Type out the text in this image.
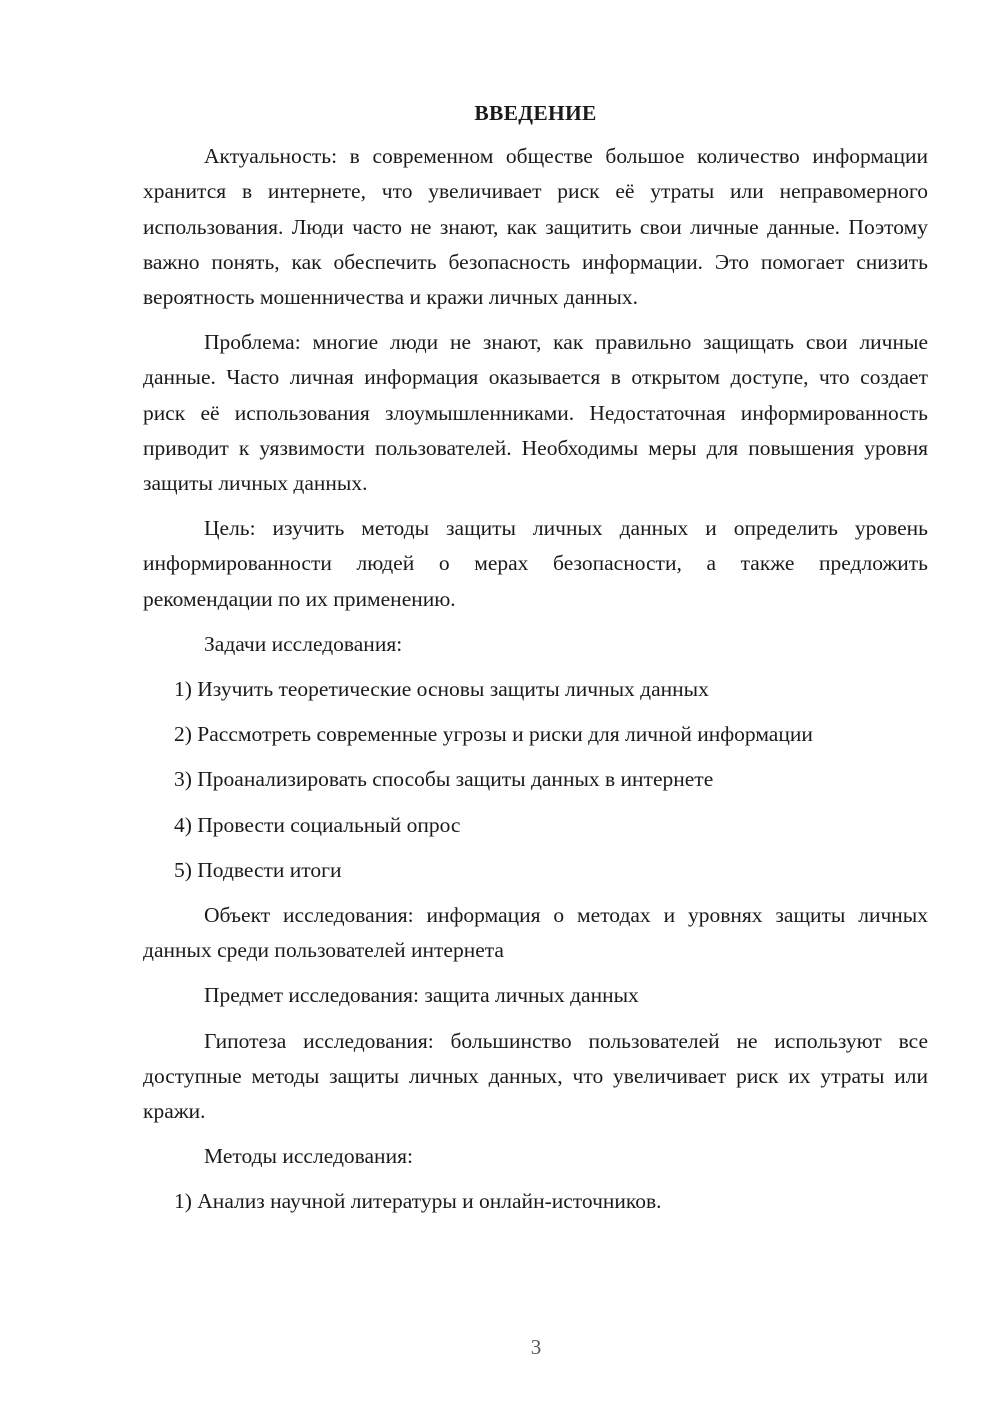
ВВЕДЕНИЕ

Актуальность: в современном обществе большое количество информации хранится в интернете, что увеличивает риск её утраты или неправомерного использования. Люди часто не знают, как защитить свои личные данные. Поэтому важно понять, как обеспечить безопасность информации. Это помогает снизить вероятность мошенничества и кражи личных данных.

Проблема: многие люди не знают, как правильно защищать свои личные данные. Часто личная информация оказывается в открытом доступе, что создает риск её использования злоумышленниками. Недостаточная информированность приводит к уязвимости пользователей. Необходимы меры для повышения уровня защиты личных данных.

Цель: изучить методы защиты личных данных и определить уровень информированности людей о мерах безопасности, а также предложить рекомендации по их применению.

Задачи исследования:

1) Изучить теоретические основы защиты личных данных
2) Рассмотреть современные угрозы и риски для личной информации
3) Проанализировать способы защиты данных в интернете
4) Провести социальный опрос
5) Подвести итоги

Объект исследования: информация о методах и уровнях защиты личных данных среди пользователей интернета

Предмет исследования: защита личных данных

Гипотеза исследования: большинство пользователей не используют все доступные методы защиты личных данных, что увеличивает риск их утраты или кражи.

Методы исследования:

1) Анализ научной литературы и онлайн-источников.
3
